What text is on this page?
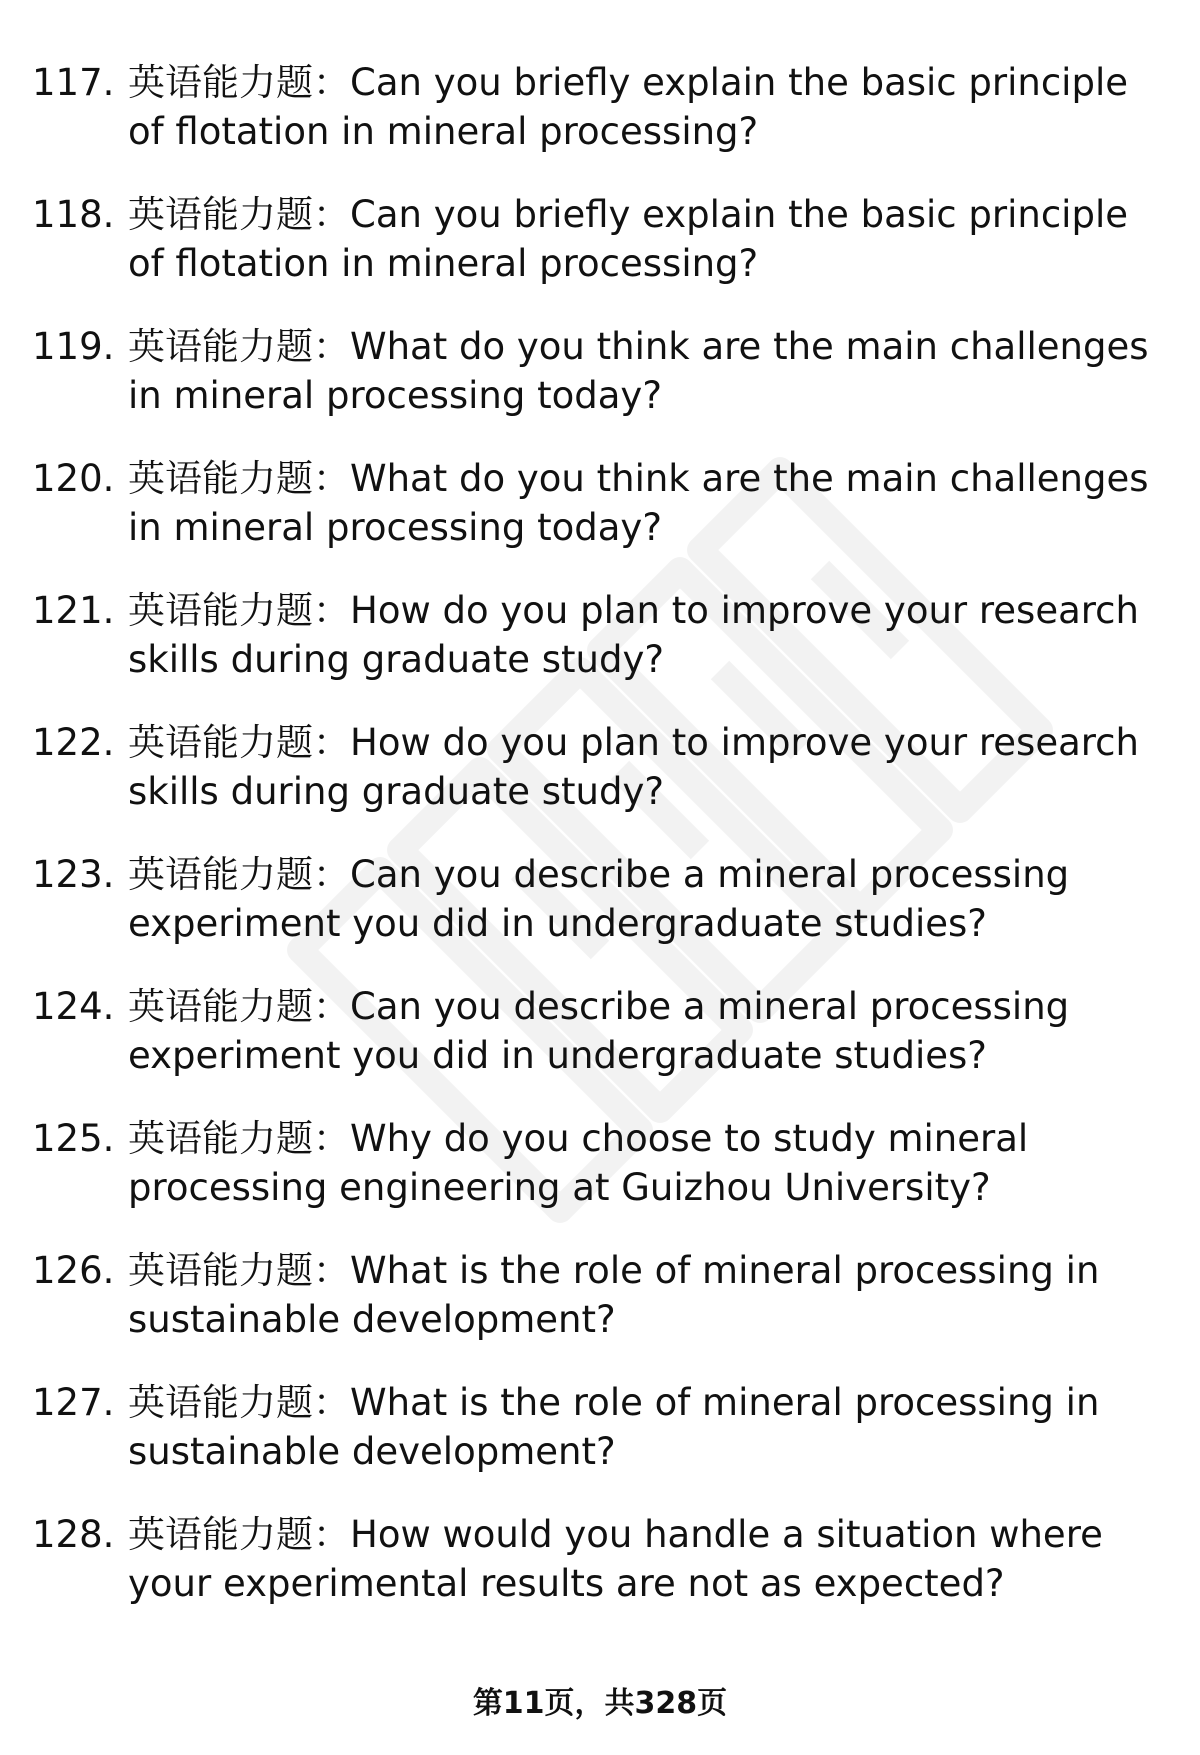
117. 英语能力题：Can you briefly explain the basic principle of flotation in mineral processing?
118. 英语能力题：Can you briefly explain the basic principle of flotation in mineral processing?
119. 英语能力题：What do you think are the main challenges in mineral processing today?
120. 英语能力题：What do you think are the main challenges in mineral processing today?
121. 英语能力题：How do you plan to improve your research skills during graduate study?
122. 英语能力题：How do you plan to improve your research skills during graduate study?
123. 英语能力题：Can you describe a mineral processing experiment you did in undergraduate studies?
124. 英语能力题：Can you describe a mineral processing experiment you did in undergraduate studies?
125. 英语能力题：Why do you choose to study mineral processing engineering at Guizhou University?
126. 英语能力题：What is the role of mineral processing in sustainable development?
127. 英语能力题：What is the role of mineral processing in sustainable development?
128. 英语能力题：How would you handle a situation where your experimental results are not as expected?
第11页，共328页
